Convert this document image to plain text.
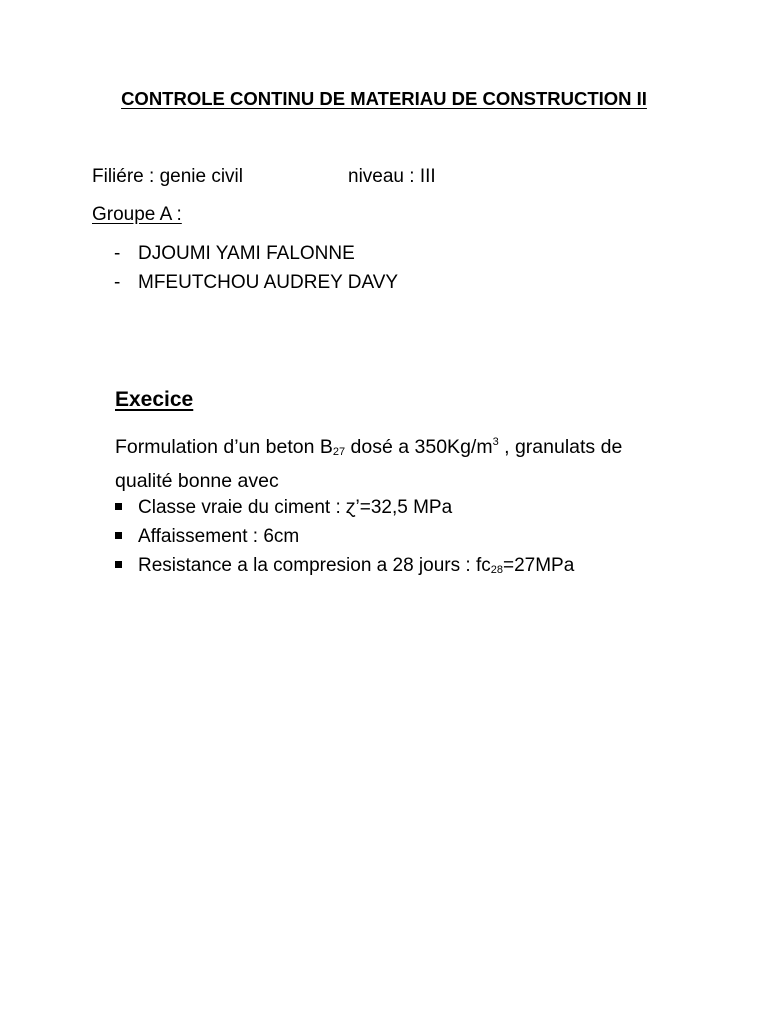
CONTROLE CONTINU DE MATERIAU DE CONSTRUCTION II
Filiére : genie civil	niveau : III
Groupe A :
- DJOUMI YAMI FALONNE
- MFEUTCHOU AUDREY DAVY
Execice
Formulation d’un beton $B_{27}$ dosé a $350Kg/m^3$ , granulats de qualité bonne avec
Classe vraie du ciment : ɀ’=32,5 MPa
Affaissement : 6cm
Resistance a la compresion a 28 jours : $fc_{28}=27MPa$
